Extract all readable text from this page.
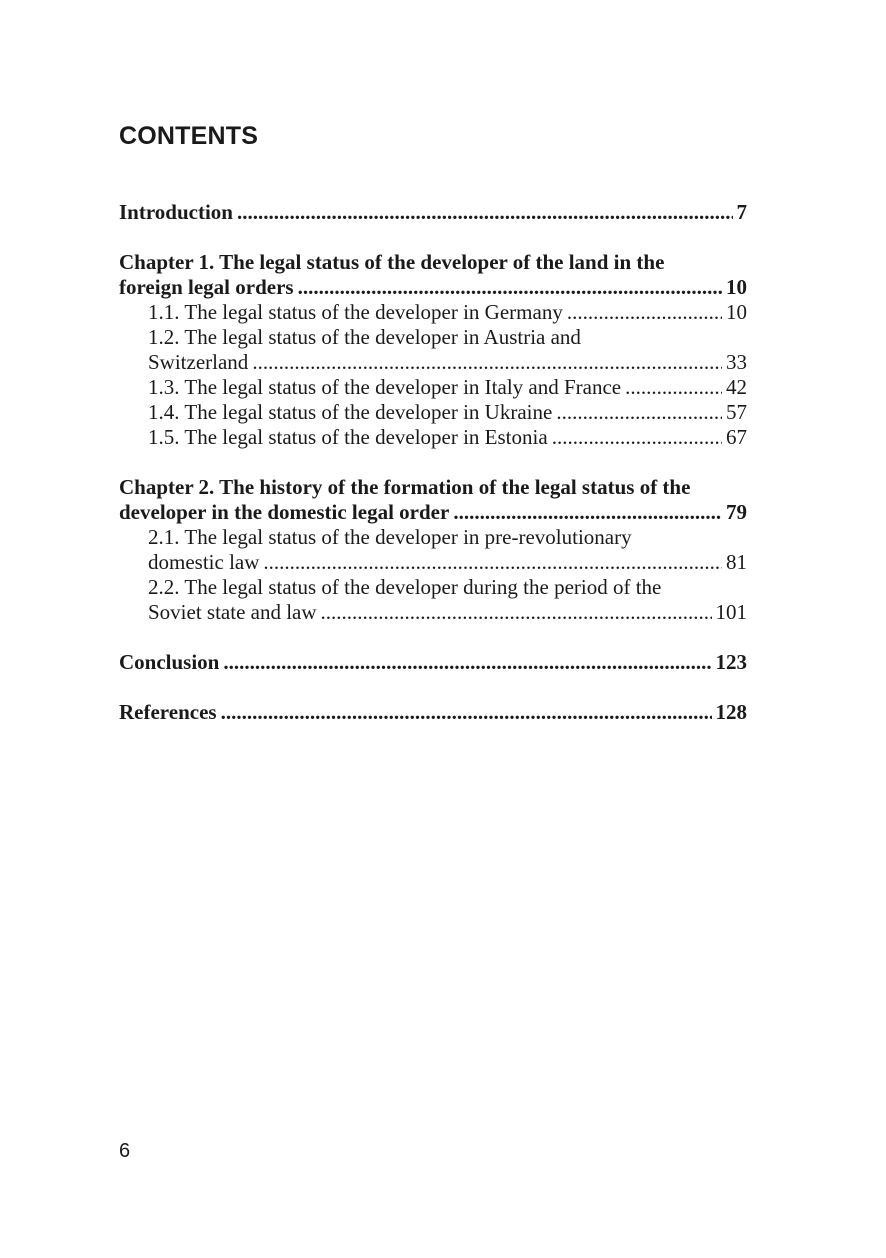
CONTENTS
Introduction .....	7
Chapter 1. The legal status of the developer of the land in the
foreign legal orders .....	10
1.1. The legal status of the developer in Germany .....	10
1.2. The legal status of the developer in Austria and
Switzerland .....	33
1.3. The legal status of the developer in Italy and France .....	42
1.4. The legal status of the developer in Ukraine .....	57
1.5. The legal status of the developer in Estonia .....	67
Chapter 2. The history of the formation of the legal status of the
developer in the domestic legal order .....	79
2.1. The legal status of the developer in pre-revolutionary
domestic law .....	81
2.2. The legal status of the developer during the period of the
Soviet state and law .....	101
Conclusion .....	123
References .....	128

6
